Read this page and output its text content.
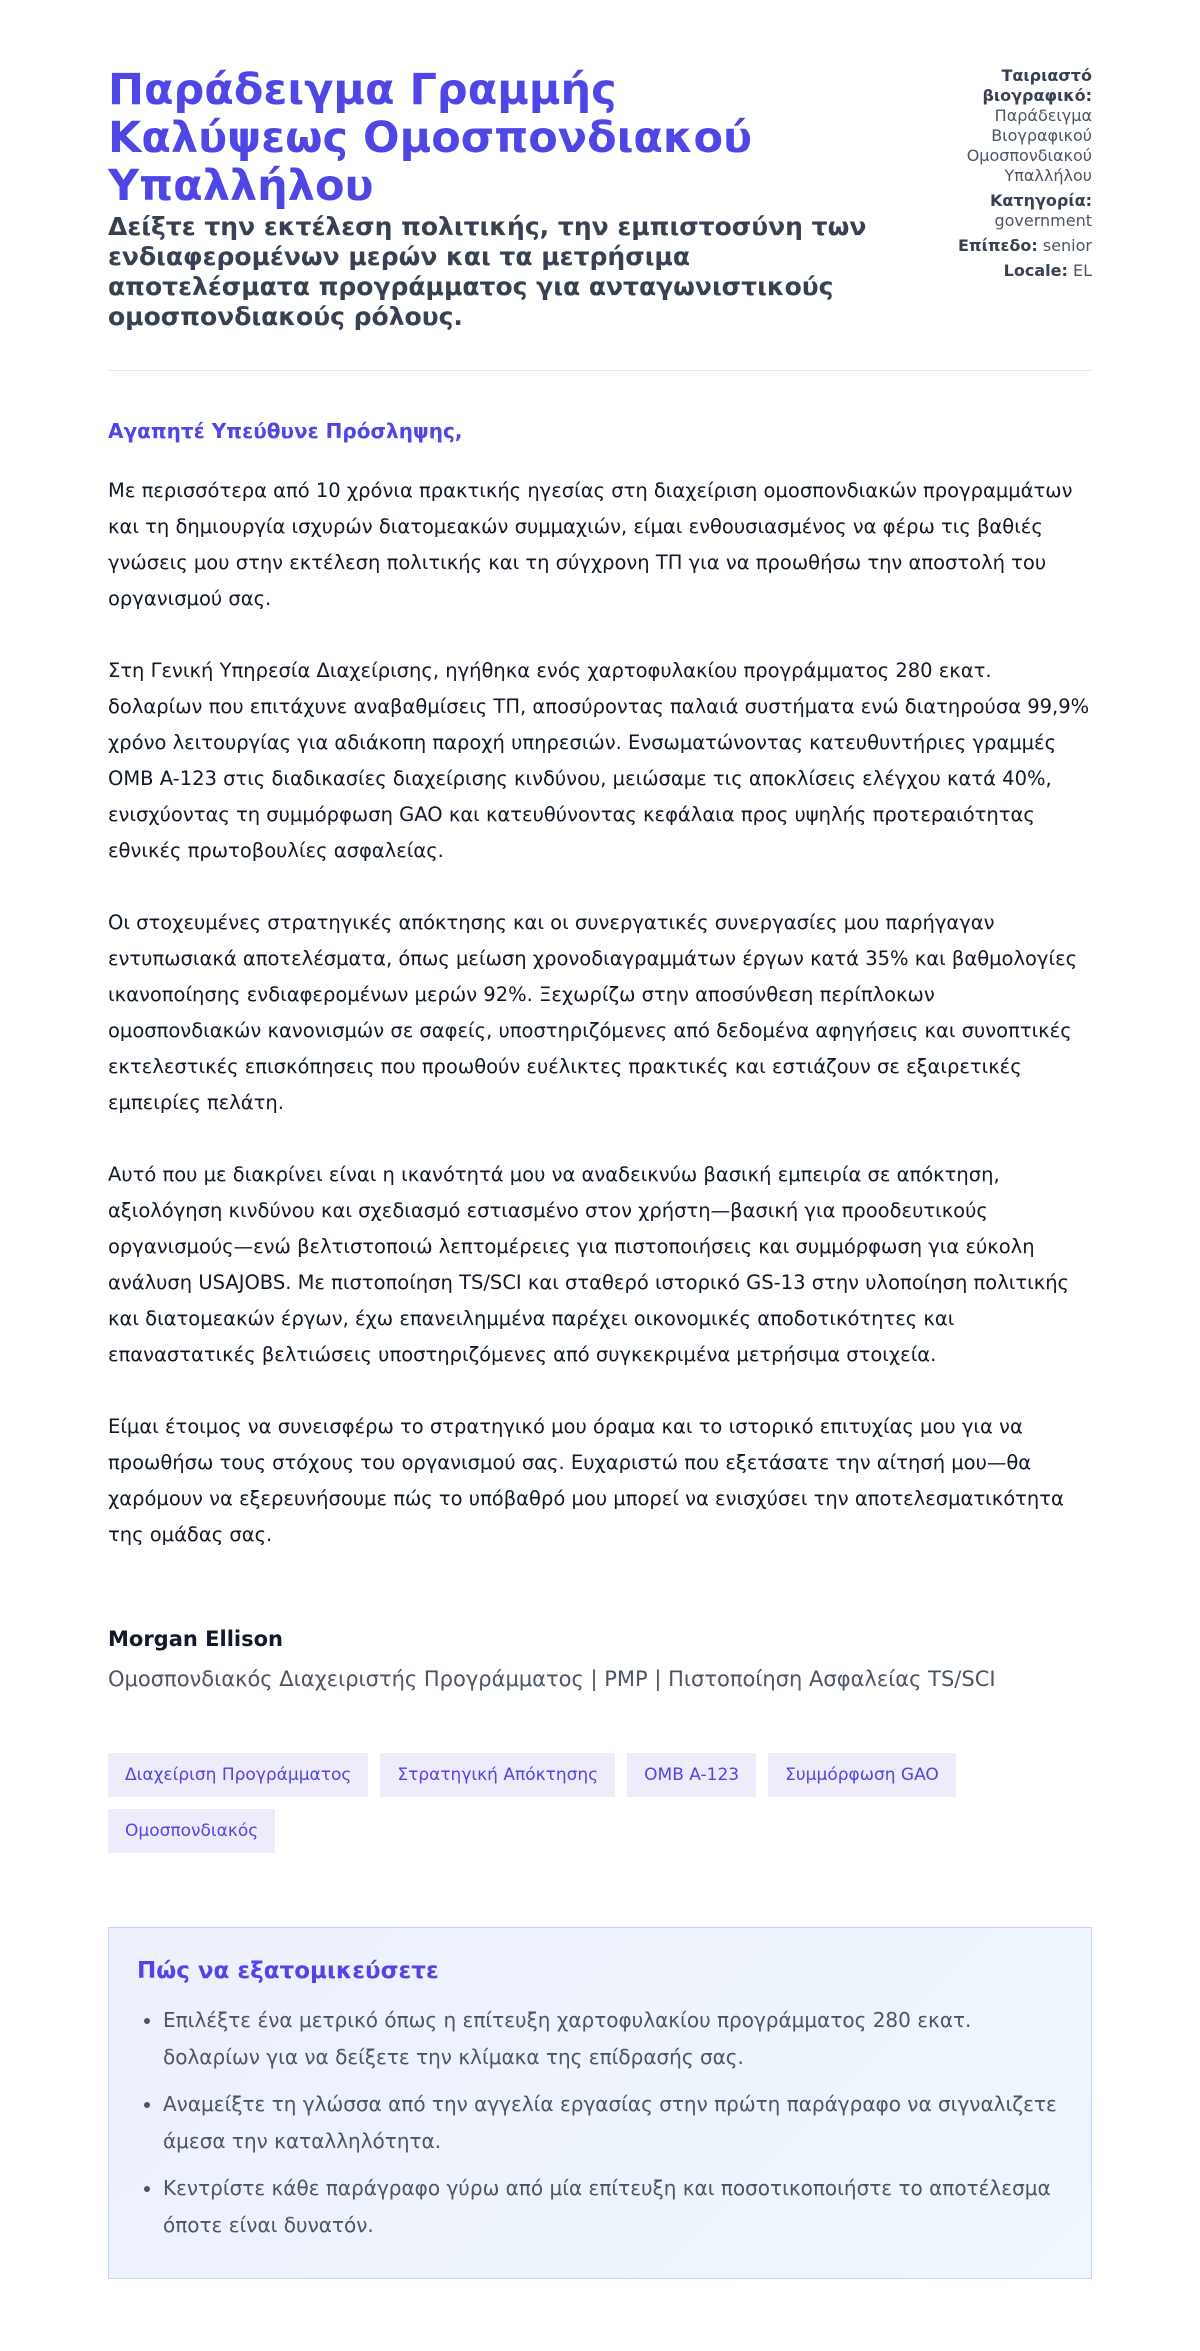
Παράδειγμα Γραμμής Καλύψεως Ομοσπονδιακού Υπαλλήλου

Δείξτε την εκτέλεση πολιτικής, την εμπιστοσύνη των ενδιαφερομένων μερών και τα μετρήσιμα αποτελέσματα προγράμματος για ανταγωνιστικούς ομοσπονδιακούς ρόλους.

Ταιριαστό βιογραφικό:
Παράδειγμα Βιογραφικού Ομοσπονδιακού Υπαλλήλου
Κατηγορία:
government
Επίπεδο: senior
Locale: EL

Αγαπητέ Υπεύθυνε Πρόσληψης,

Με περισσότερα από 10 χρόνια πρακτικής ηγεσίας στη διαχείριση ομοσπονδιακών προγραμμάτων και τη δημιουργία ισχυρών διατομεακών συμμαχιών, είμαι ενθουσιασμένος να φέρω τις βαθιές γνώσεις μου στην εκτέλεση πολιτικής και τη σύγχρονη ΤΠ για να προωθήσω την αποστολή του οργανισμού σας.

Στη Γενική Υπηρεσία Διαχείρισης, ηγήθηκα ενός χαρτοφυλακίου προγράμματος 280 εκατ. δολαρίων που επιτάχυνε αναβαθμίσεις ΤΠ, αποσύροντας παλαιά συστήματα ενώ διατηρούσα 99,9% χρόνο λειτουργίας για αδιάκοπη παροχή υπηρεσιών. Ενσωματώνοντας κατευθυντήριες γραμμές OMB A-123 στις διαδικασίες διαχείρισης κινδύνου, μειώσαμε τις αποκλίσεις ελέγχου κατά 40%, ενισχύοντας τη συμμόρφωση GAO και κατευθύνοντας κεφάλαια προς υψηλής προτεραιότητας εθνικές πρωτοβουλίες ασφαλείας.

Οι στοχευμένες στρατηγικές απόκτησης και οι συνεργατικές συνεργασίες μου παρήγαγαν εντυπωσιακά αποτελέσματα, όπως μείωση χρονοδιαγραμμάτων έργων κατά 35% και βαθμολογίες ικανοποίησης ενδιαφερομένων μερών 92%. Ξεχωρίζω στην αποσύνθεση περίπλοκων ομοσπονδιακών κανονισμών σε σαφείς, υποστηριζόμενες από δεδομένα αφηγήσεις και συνοπτικές εκτελεστικές επισκόπησεις που προωθούν ευέλικτες πρακτικές και εστιάζουν σε εξαιρετικές εμπειρίες πελάτη.

Αυτό που με διακρίνει είναι η ικανότητά μου να αναδεικνύω βασική εμπειρία σε απόκτηση, αξιολόγηση κινδύνου και σχεδιασμό εστιασμένο στον χρήστη—βασική για προοδευτικούς οργανισμούς—ενώ βελτιστοποιώ λεπτομέρειες για πιστοποιήσεις και συμμόρφωση για εύκολη ανάλυση USAJOBS. Με πιστοποίηση TS/SCI και σταθερό ιστορικό GS-13 στην υλοποίηση πολιτικής και διατομεακών έργων, έχω επανειλημμένα παρέχει οικονομικές αποδοτικότητες και επαναστατικές βελτιώσεις υποστηριζόμενες από συγκεκριμένα μετρήσιμα στοιχεία.

Είμαι έτοιμος να συνεισφέρω το στρατηγικό μου όραμα και το ιστορικό επιτυχίας μου για να προωθήσω τους στόχους του οργανισμού σας. Ευχαριστώ που εξετάσατε την αίτησή μου—θα χαρόμουν να εξερευνήσουμε πώς το υπόβαθρό μου μπορεί να ενισχύσει την αποτελεσματικότητα της ομάδας σας.

Morgan Ellison

Ομοσπονδιακός Διαχειριστής Προγράμματος | PMP | Πιστοποίηση Ασφαλείας TS/SCI

Διαχείριση Προγράμματος	Στρατηγική Απόκτησης	OMB A-123	Συμμόρφωση GAO
Ομοσπονδιακός
Πώς να εξατομικεύσετε
• Επιλέξτε ένα μετρικό όπως η επίτευξη χαρτοφυλακίου προγράμματος 280 εκατ. δολαρίων για να δείξετε την κλίμακα της επίδρασής σας.
• Αναμείξτε τη γλώσσα από την αγγελία εργασίας στην πρώτη παράγραφο να σιγναλιζετε άμεσα την καταλληλότητα.
• Κεντρίστε κάθε παράγραφο γύρω από μία επίτευξη και ποσοτικοποιήστε το αποτέλεσμα όποτε είναι δυνατόν.
